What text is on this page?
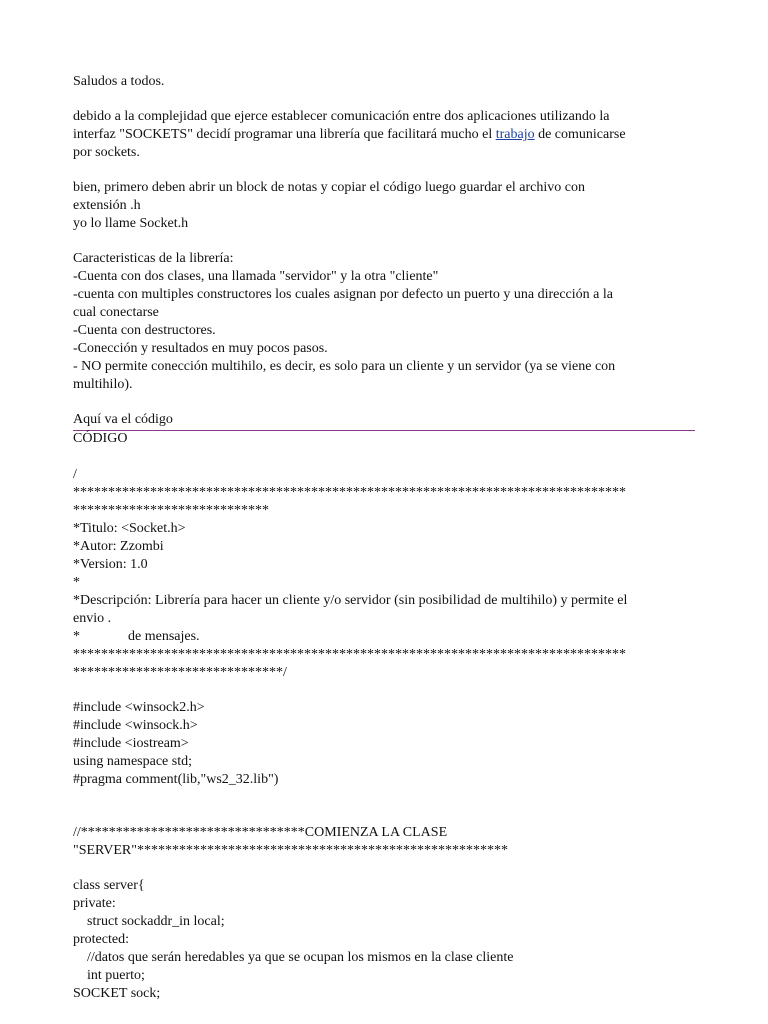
Saludos a todos.
debido a la complejidad que ejerce establecer comunicación entre dos aplicaciones utilizando la
interfaz "SOCKETS" decidí programar una librería que facilitará mucho el trabajo de comunicarse
por sockets.
bien, primero deben abrir un block de notas y copiar el código luego guardar el archivo con
extensión .h
yo lo llame Socket.h
Caracteristicas de la librería:
-Cuenta con dos clases, una llamada "servidor" y la otra "cliente"
-cuenta con multiples constructores los cuales asignan por defecto un puerto y una dirección a la
cual conectarse
-Cuenta con destructores.
-Conección y resultados en muy pocos pasos.
- NO permite conección multihilo, es decir, es solo para un cliente y un servidor (ya se viene con
multihilo).
Aquí va el código
CÓDIGO
/
*******************************************************************************
****************************
*Titulo: <Socket.h>
*Autor: Zzombi
*Version: 1.0
*
*Descripción: Librería para hacer un cliente y/o servidor (sin posibilidad de multihilo) y permite el
envio .
*	de mensajes.
*******************************************************************************
******************************/
#include <winsock2.h>
#include <winsock.h>
#include <iostream>
using namespace std;
#pragma comment(lib,"ws2_32.lib")
//********************************COMIENZA LA CLASE
"SERVER"*****************************************************
class server{
private:
struct sockaddr_in local;
protected:
//datos que serán heredables ya que se ocupan los mismos en la clase cliente
int puerto;
SOCKET sock;
